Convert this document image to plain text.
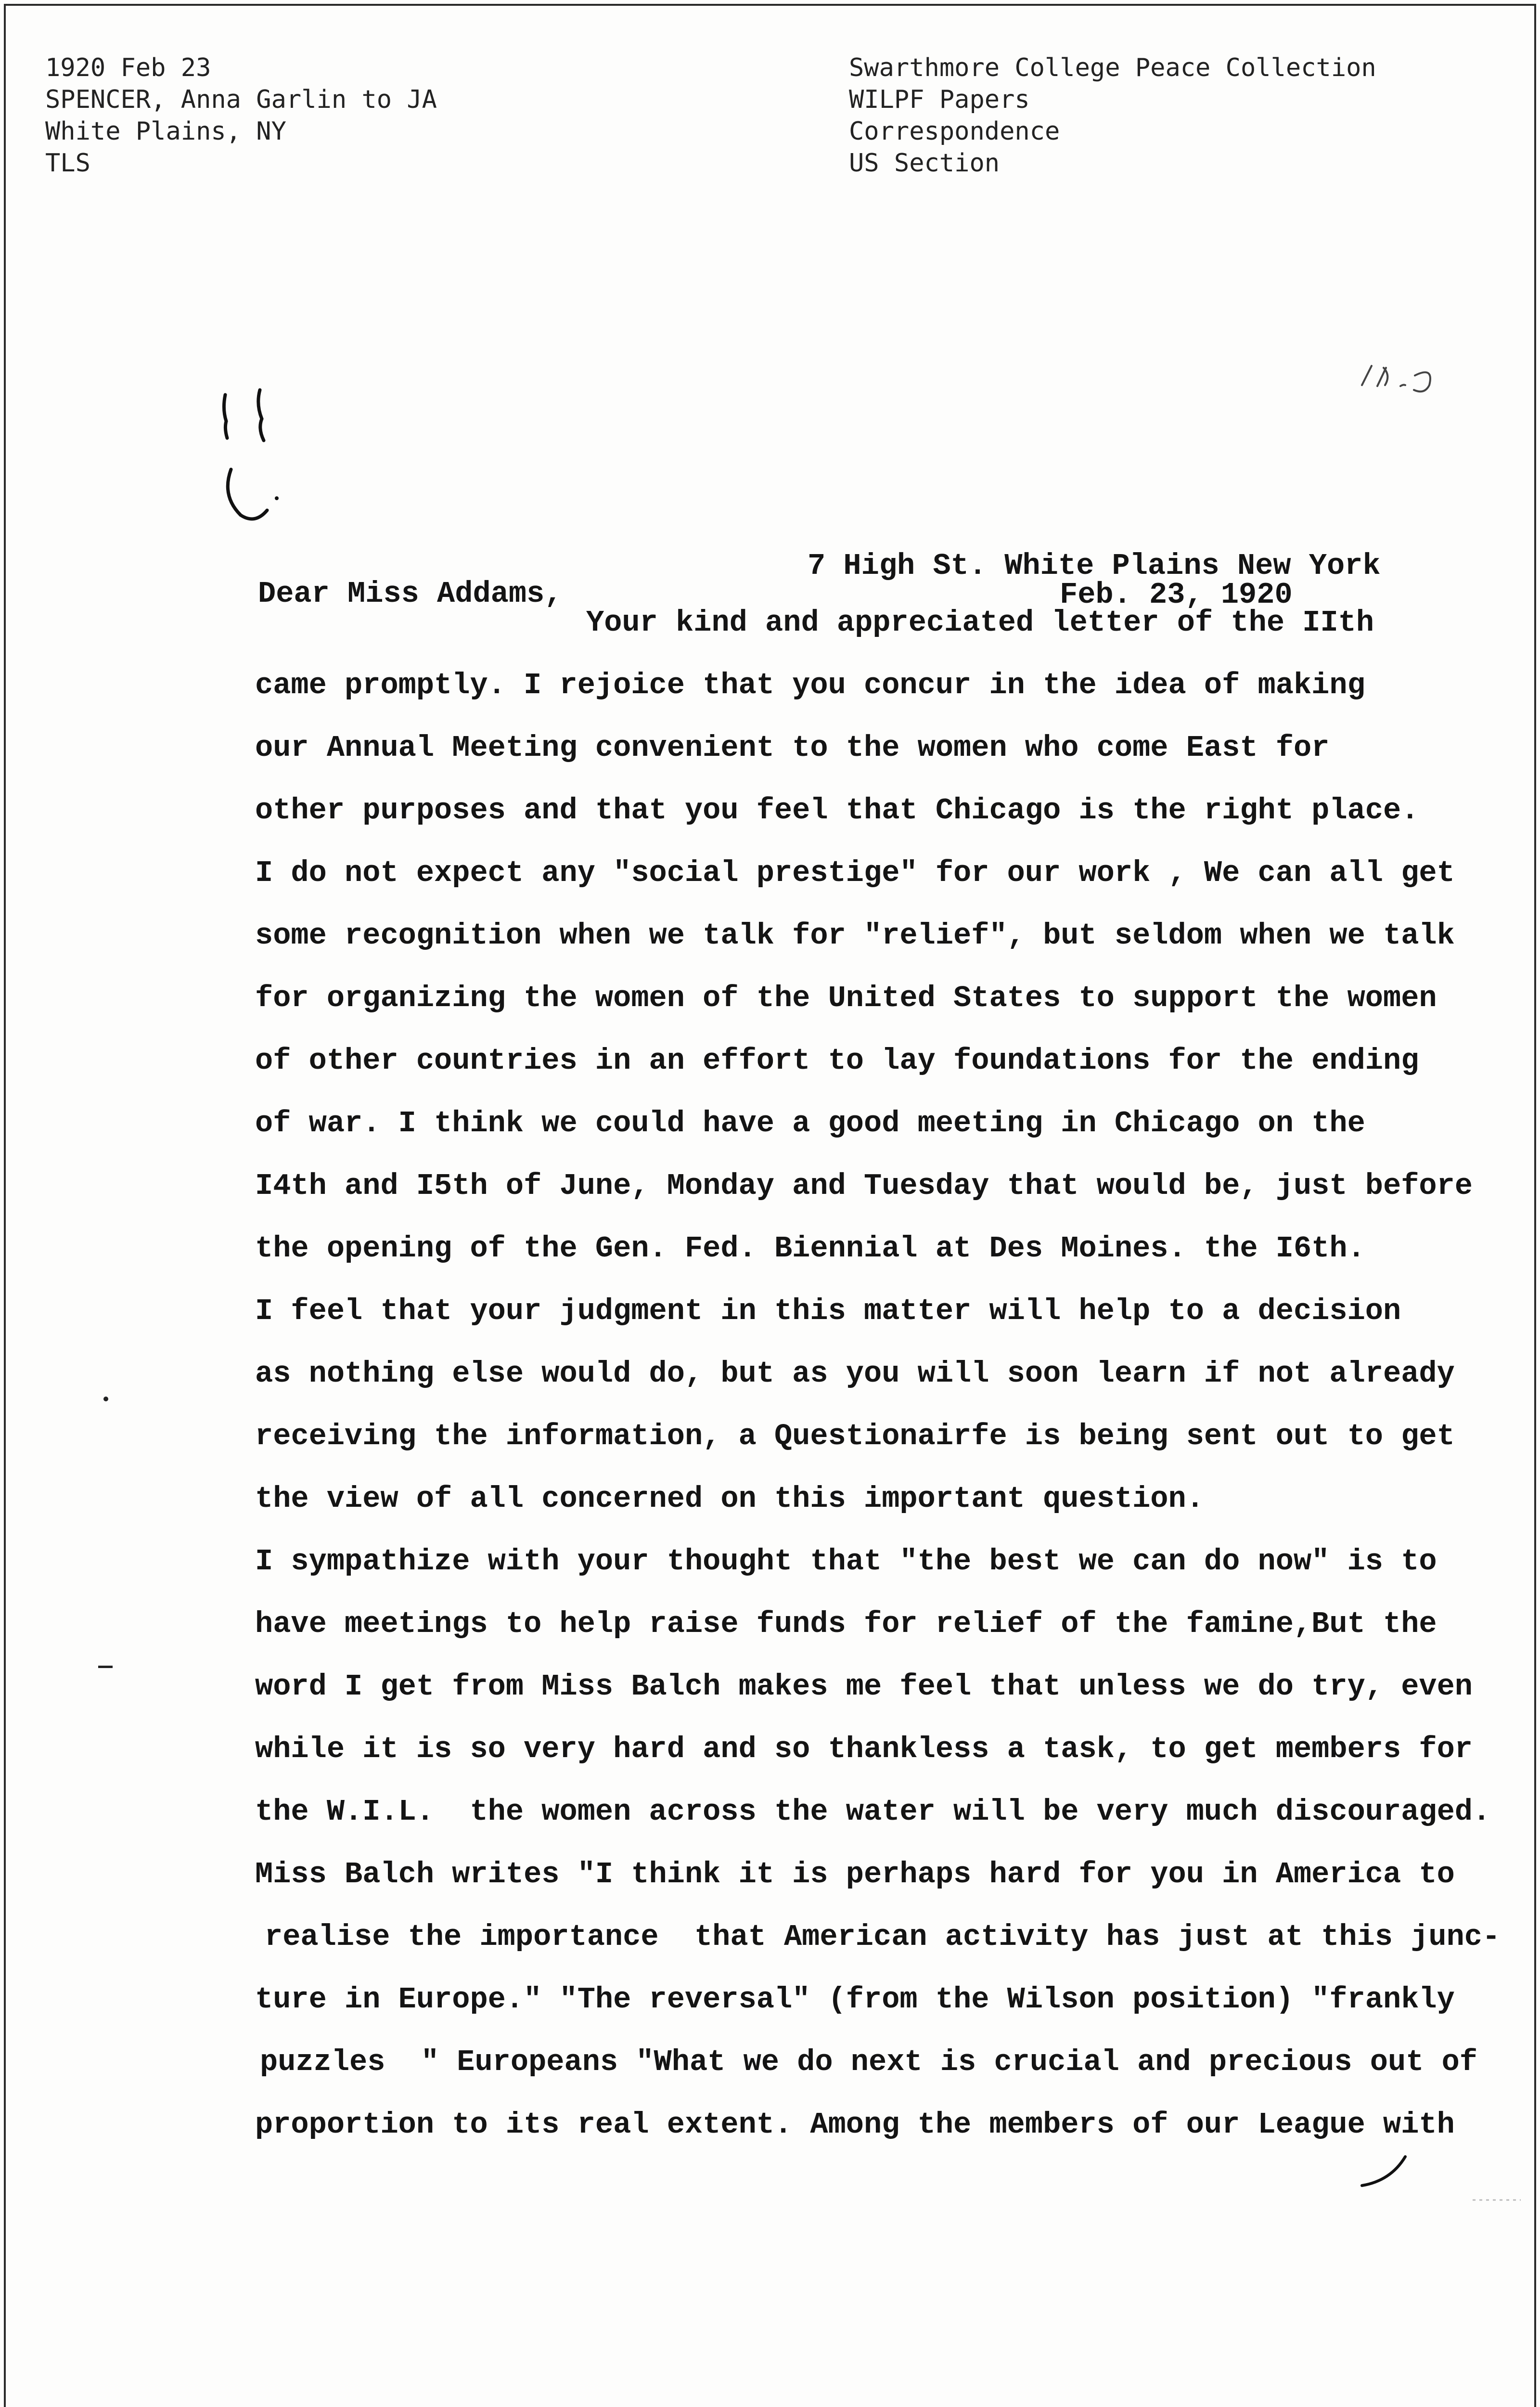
1920 Feb 23
SPENCER, Anna Garlin to JA
White Plains, NY
TLS
Swarthmore College Peace Collection
WILPF Papers
Correspondence
US Section
7 High St. White Plains New York
Dear Miss Addams,	Feb. 23, 1920

Your kind and appreciated letter of the IIth

came promptly. I rejoice that you concur in the idea of making

our Annual Meeting convenient to the women who come East for

other purposes and that you feel that Chicago is the right place.

I do not expect any "social prestige" for our work , We can all get

some recognition when we talk for "relief", but seldom when we talk

for organizing the women of the United States to support the women

of other countries in an effort to lay foundations for the ending

of war. I think we could have a good meeting in Chicago on the

I4th and I5th of June, Monday and Tuesday that would be, just before

the opening of the Gen. Fed. Biennial at Des Moines. the I6th.

I feel that your judgment in this matter will help to a decision

as nothing else would do, but as you will soon learn if not already

receiving the information, a Questionairfe is being sent out to get

the view of all concerned on this important question.

I sympathize with your thought that "the best we can do now" is to

have meetings to help raise funds for relief of the famine,But the

word I get from Miss Balch makes me feel that unless we do try, even

while it is so very hard and so thankless a task, to get members for

the W.I.L.  the women across the water will be very much discouraged.

Miss Balch writes "I think it is perhaps hard for you in America to

realise the importance  that American activity has just at this junc-

ture in Europe." "The reversal" (from the Wilson position) "frankly

puzzles  " Europeans "What we do next is crucial and precious out of

proportion to its real extent. Among the members of our League with
